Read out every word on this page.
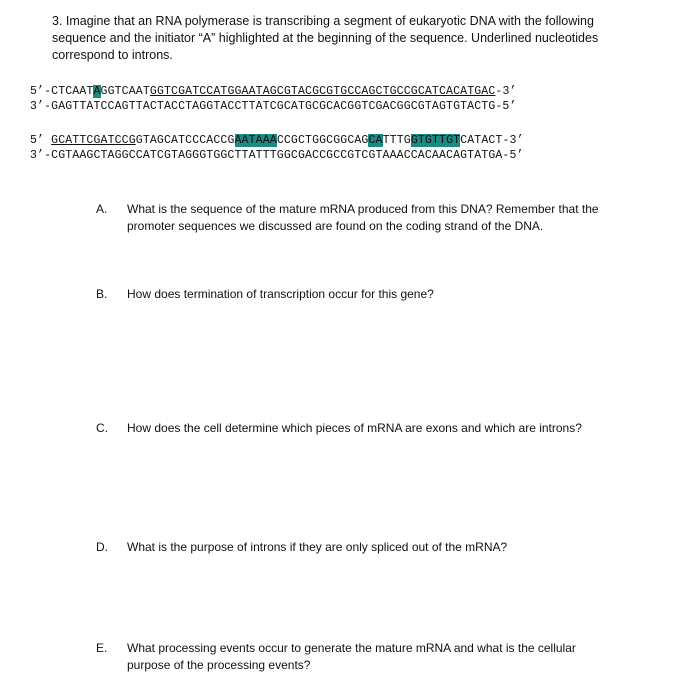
3. Imagine that an RNA polymerase is transcribing a segment of eukaryotic DNA with the following sequence and the initiator “A” highlighted at the beginning of the sequence. Underlined nucleotides correspond to introns.
5’-CTCAATAGGTCAATGGTCGATCCATGGAATAGCGTACGCGTGCCAGCTGCCGCATCACATGAC-3’
3’-GAGTTATCCAGTTACTACCTAGGTACCTTATCGCATGCGCACGGTCGACGGCGTAGTGTACTG-5’
5’ GCATTCGATCCGGTAGCATCCCACCGAATAAACCGCTGGCGGCAGCATTTGGTGTTGTCATACT-3’
3’-CGTAAGCTAGGCCATCGTAGGGTGGCTTATTTGGCGACCGCCGTCGTAAACCACAACAGTATGA-5’
A. What is the sequence of the mature mRNA produced from this DNA? Remember that the promoter sequences we discussed are found on the coding strand of the DNA.
B. How does termination of transcription occur for this gene?
C. How does the cell determine which pieces of mRNA are exons and which are introns?
D. What is the purpose of introns if they are only spliced out of the mRNA?
E. What processing events occur to generate the mature mRNA and what is the cellular purpose of the processing events?
